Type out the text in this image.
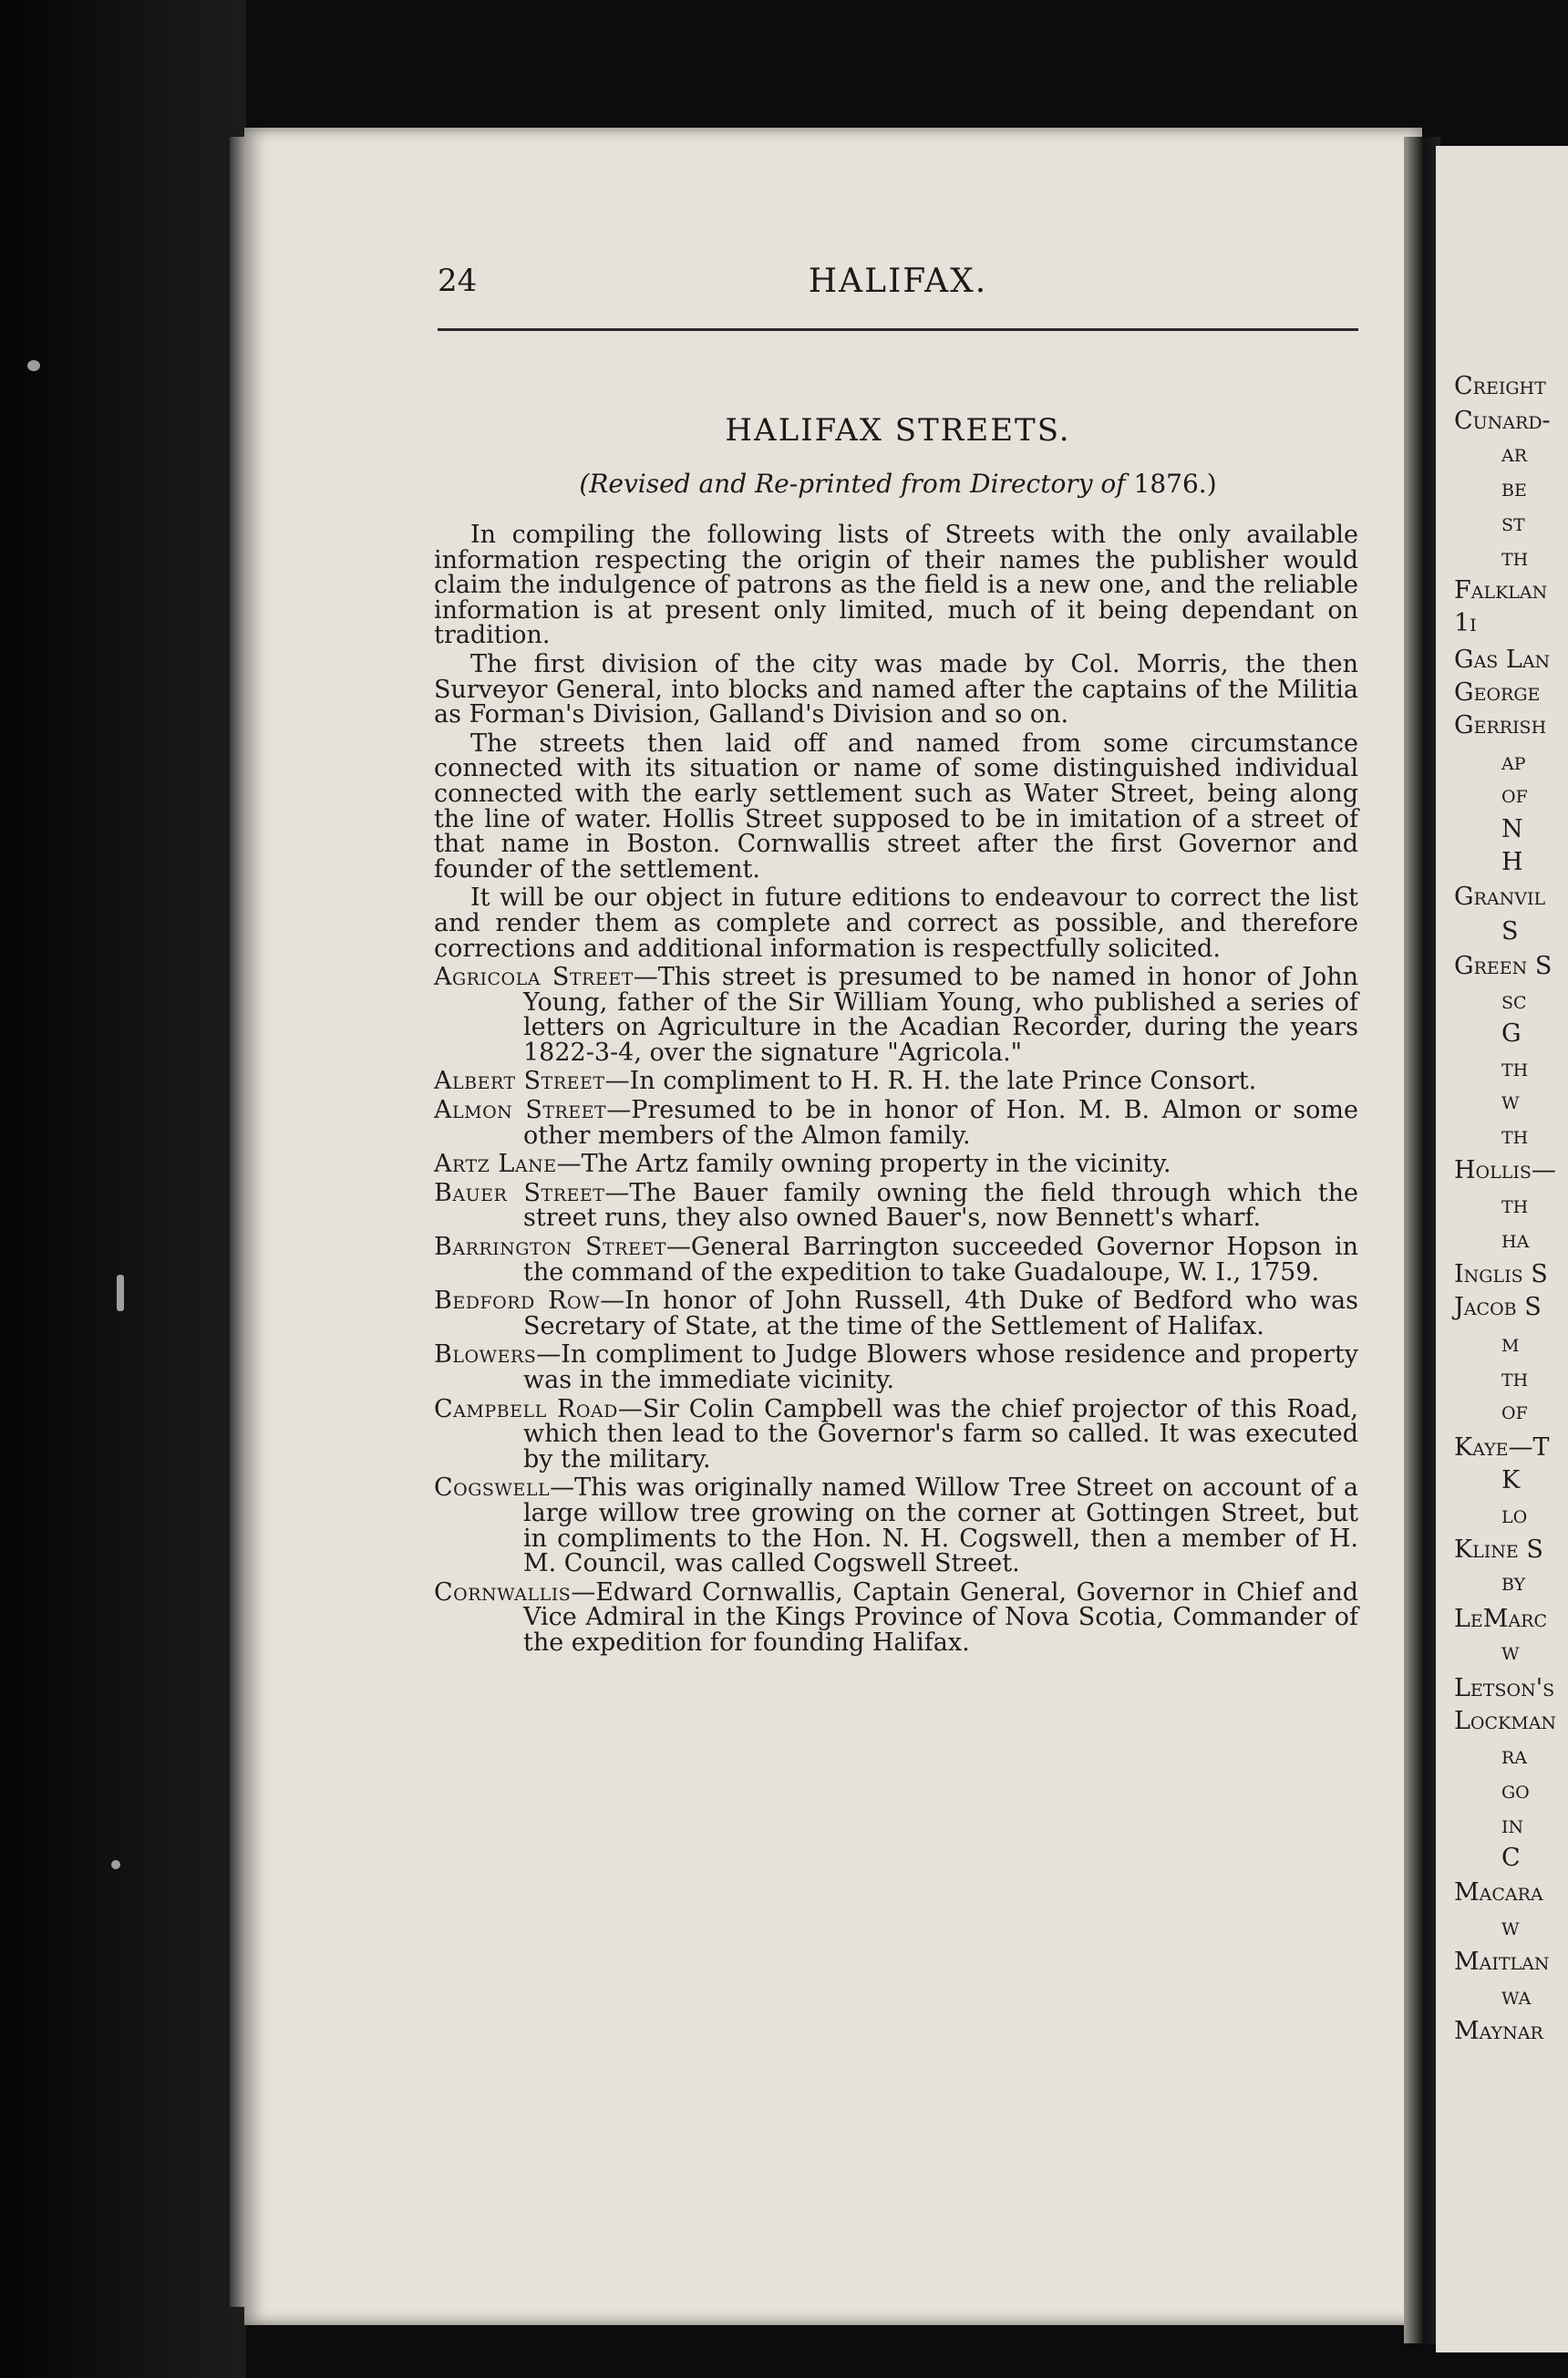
Creight
Cunard-
ar
be
st
th
Falklan
1i
Gas Lan
George
Gerrish
ap
of
N
H
Granvil
S
Green S
sc
G
th
w
th
Hollis—
th
ha
Inglis S
Jacob S
m
th
of
Kaye—T
K
lo
Kline S
by
LeMarc
w
Letson's
Lockman
ra
go
in
C
Macara
w
Maitlan
wa
Maynar
24	HALIFAX.
HALIFAX STREETS.
(Revised and Re-printed from Directory of 1876.)

In compiling the following lists of Streets with the only available information respecting the origin of their names the publisher would claim the indulgence of patrons as the field is a new one, and the reliable information is at present only limited, much of it being dependant on tradition.

The first division of the city was made by Col. Morris, the then Surveyor General, into blocks and named after the captains of the Militia as Forman's Division, Galland's Division and so on.

The streets then laid off and named from some circumstance connected with its situation or name of some distinguished individual connected with the early settlement such as Water Street, being along the line of water. Hollis Street supposed to be in imitation of a street of that name in Boston. Cornwallis street after the first Governor and founder of the settlement.

It will be our object in future editions to endeavour to correct the list and render them as complete and correct as possible, and therefore corrections and additional information is respectfully solicited.

Agricola Street—This street is presumed to be named in honor of John Young, father of the Sir William Young, who published a series of letters on Agriculture in the Acadian Recorder, during the years 1822-3-4, over the signature "Agricola."
Albert Street—In compliment to H. R. H. the late Prince Consort.
Almon Street—Presumed to be in honor of Hon. M. B. Almon or some other members of the Almon family.
Artz Lane—The Artz family owning property in the vicinity.
Bauer Street—The Bauer family owning the field through which the street runs, they also owned Bauer's, now Bennett's wharf.
Barrington Street—General Barrington succeeded Governor Hopson in the command of the expedition to take Guadaloupe, W. I., 1759.
Bedford Row—In honor of John Russell, 4th Duke of Bedford who was Secretary of State, at the time of the Settlement of Halifax.
Blowers—In compliment to Judge Blowers whose residence and property was in the immediate vicinity.
Campbell Road—Sir Colin Campbell was the chief projector of this Road, which then lead to the Governor's farm so called. It was executed by the military.
Cogswell—This was originally named Willow Tree Street on account of a large willow tree growing on the corner at Gottingen Street, but in compliments to the Hon. N. H. Cogswell, then a member of H. M. Council, was called Cogswell Street.
Cornwallis—Edward Cornwallis, Captain General, Governor in Chief and Vice Admiral in the Kings Province of Nova Scotia, Commander of the expedition for founding Halifax.
